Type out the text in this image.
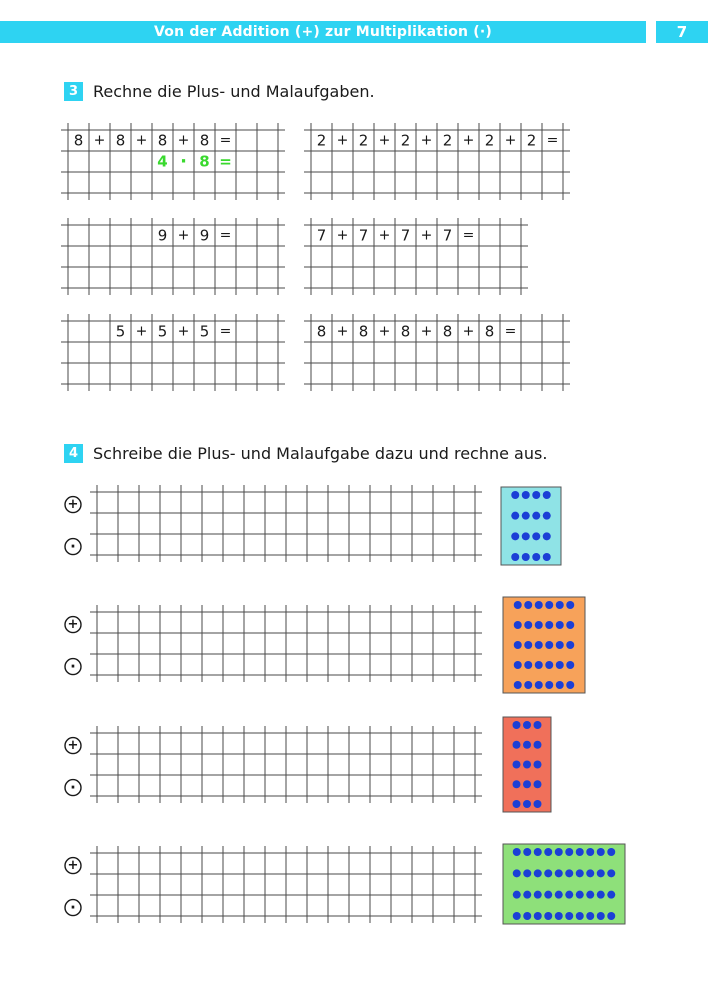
Von der Addition (+) zur Multiplikation (·)	7
3 Rechne die Plus- und Malaufgaben.
4 Schreibe die Plus- und Malaufgabe dazu und rechne aus.
8 + 8 + 8 + 8 =
4 · 8 =
2 + 2 + 2 + 2 + 2 + 2 =
9 + 9 =	7 + 7 + 7 + 7 =
5 + 5 + 5 =	8 + 8 + 8 + 8 + 8 =
+
·
+
·
+
·
+
·
